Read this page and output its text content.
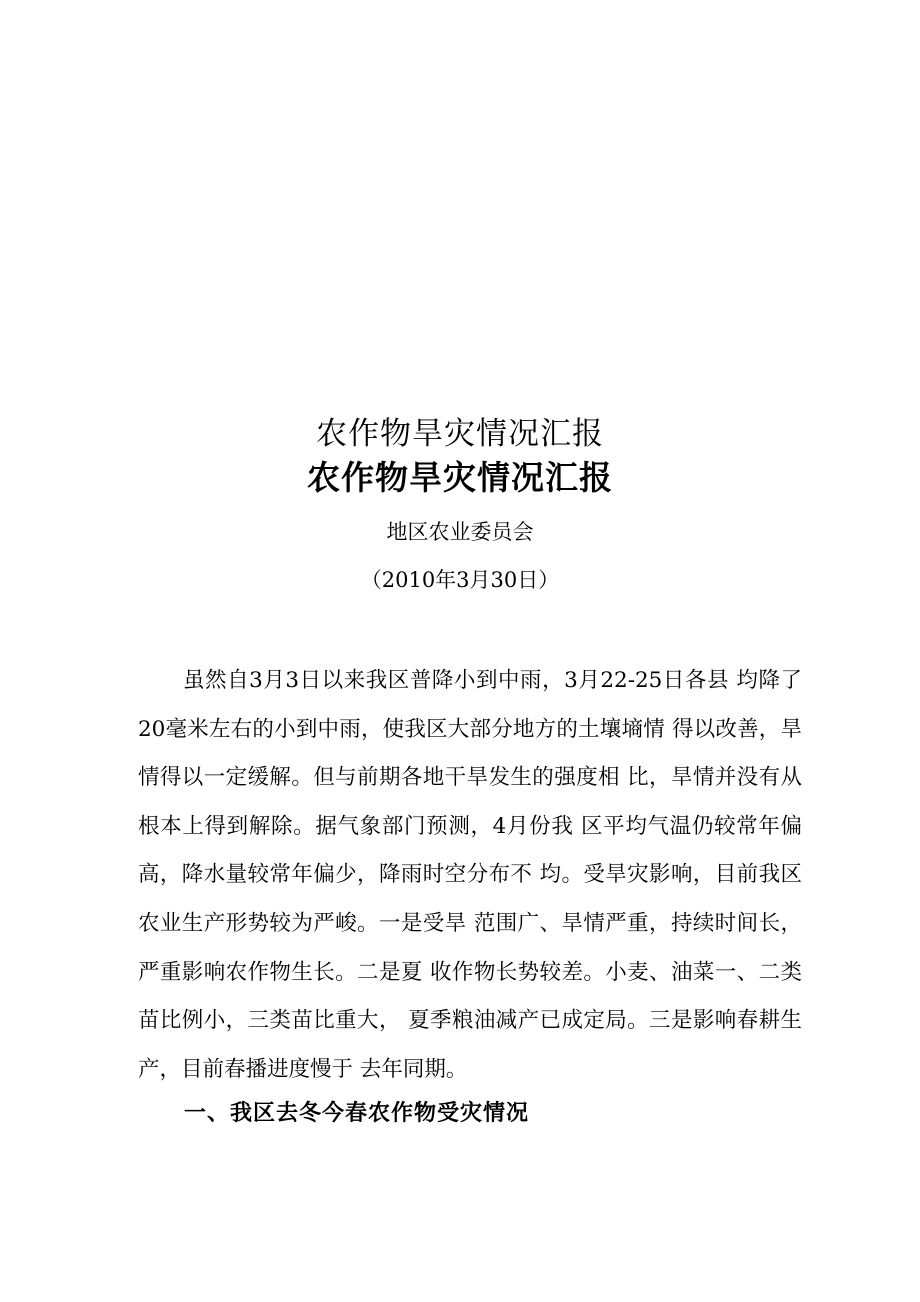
农作物旱灾情况汇报
农作物旱灾情况汇报
地区农业委员会
（2010年3月30日）

虽然自3月3日以来我区普降小到中雨，3月22-25日各县 均降了20毫米左右的小到中雨，使我区大部分地方的土壤墒情 得以改善，旱情得以一定缓解。但与前期各地干旱发生的强度相 比，旱情并没有从根本上得到解除。据气象部门预测，4月份我 区平均气温仍较常年偏高，降水量较常年偏少，降雨时空分布不 均。受旱灾影响，目前我区农业生产形势较为严峻。一是受旱 范围广、旱情严重，持续时间长，严重影响农作物生长。二是夏 收作物长势较差。小麦、油菜一、二类苗比例小，三类苗比重大， 夏季粮油减产已成定局。三是影响春耕生产，目前春播进度慢于 去年同期。

一、我区去冬今春农作物受灾情况
